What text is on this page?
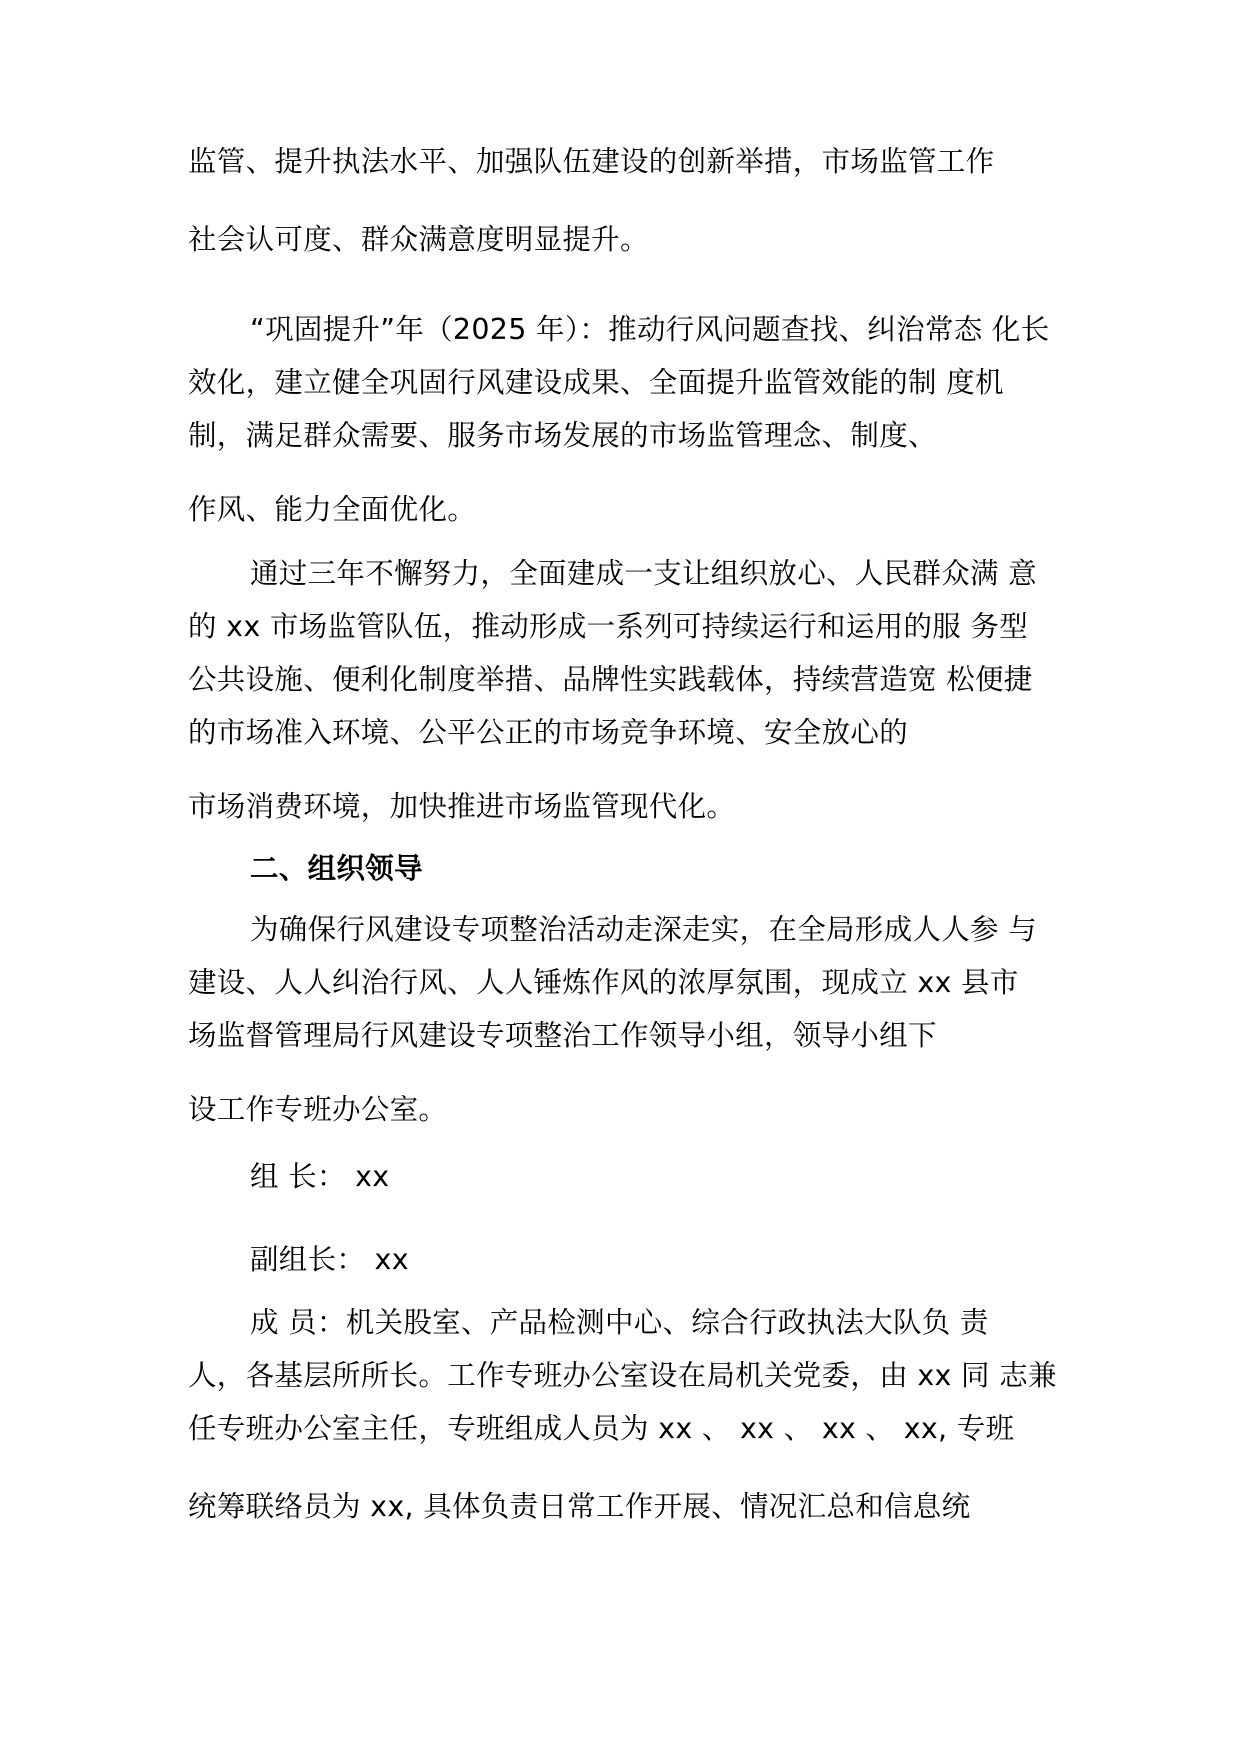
监管、提升执法水平、加强队伍建设的创新举措，市场监管工作
社会认可度、群众满意度明显提升。
“巩固提升”年（2025 年）：推动行风问题查找、纠治常态 化长
效化，建立健全巩固行风建设成果、全面提升监管效能的制 度机
制，满足群众需要、服务市场发展的市场监管理念、制度、
作风、能力全面优化。
通过三年不懈努力，全面建成一支让组织放心、人民群众满 意
的 xx 市场监管队伍，推动形成一系列可持续运行和运用的服 务型
公共设施、便利化制度举措、品牌性实践载体，持续营造宽 松便捷
的市场准入环境、公平公正的市场竞争环境、安全放心的
市场消费环境，加快推进市场监管现代化。
二、组织领导
为确保行风建设专项整治活动走深走实，在全局形成人人参 与
建设、人人纠治行风、人人锤炼作风的浓厚氛围，现成立 xx 县市
场监督管理局行风建设专项整治工作领导小组，领导小组下
设工作专班办公室。
组 长： xx
副组长： xx
成 员：机关股室、产品检测中心、综合行政执法大队负 责
人，各基层所所长。工作专班办公室设在局机关党委，由 xx 同 志兼
任专班办公室主任，专班组成人员为 xx 、 xx 、 xx 、 xx, 专班
统筹联络员为 xx, 具体负责日常工作开展、情况汇总和信息统
